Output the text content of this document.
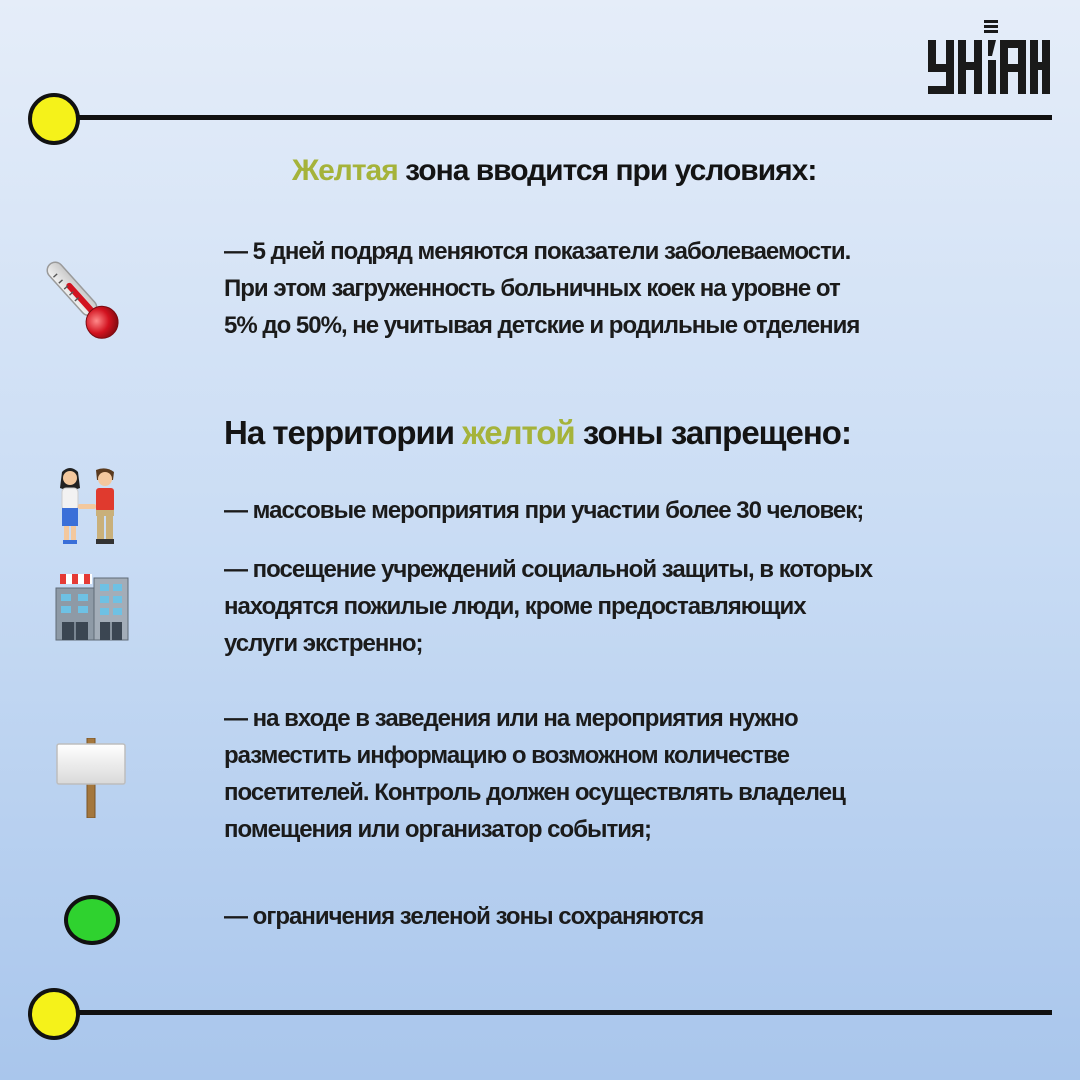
Желтая зона вводится при условиях:
— 5 дней подряд меняются показатели заболеваемости.
При этом загруженность больничных коек на уровне от
5% до 50%, не учитывая детские и родильные отделения
На территории желтой зоны запрещено:
— массовые мероприятия при участии более 30 человек;
— посещение учреждений социальной защиты, в которых
находятся пожилые люди, кроме предоставляющих
услуги экстренно;
— на входе в заведения или на мероприятия нужно
разместить информацию о возможном количестве
посетителей. Контроль должен осуществлять владелец
помещения или организатор события;
— ограничения зеленой зоны сохраняются
